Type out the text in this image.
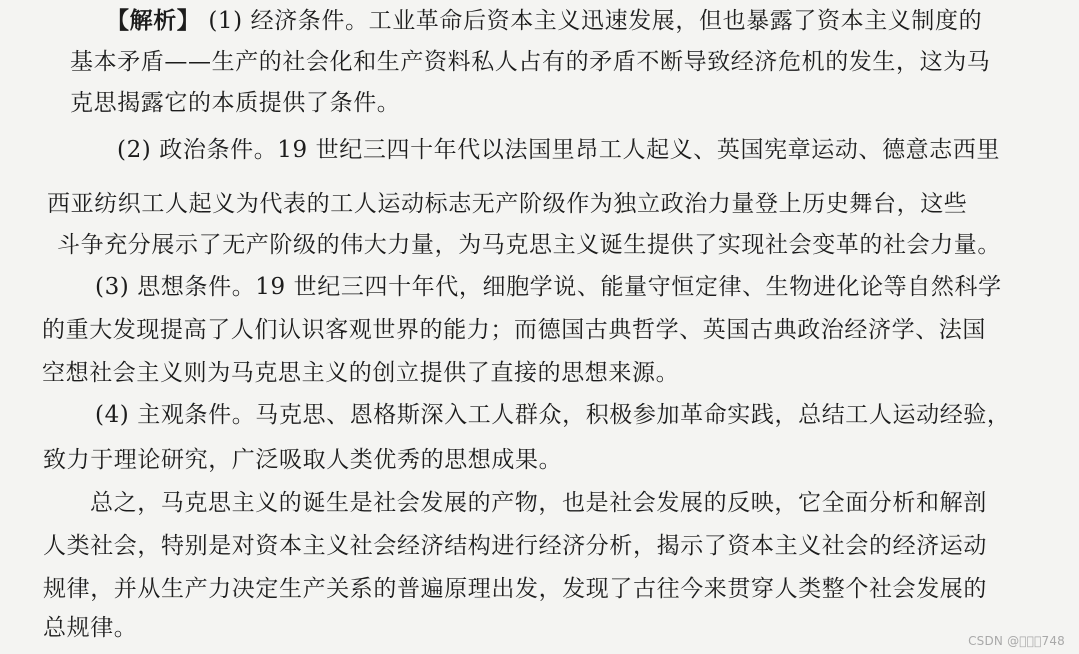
【解析】 (1) 经济条件。工业革命后资本主义迅速发展，但也暴露了资本主义制度的
基本矛盾——生产的社会化和生产资料私人占有的矛盾不断导致经济危机的发生，这为马
克思揭露它的本质提供了条件。
(2) 政治条件。19 世纪三四十年代以法国里昂工人起义、英国宪章运动、德意志西里
西亚纺织工人起义为代表的工人运动标志无产阶级作为独立政治力量登上历史舞台，这些
斗争充分展示了无产阶级的伟大力量，为马克思主义诞生提供了实现社会变革的社会力量。
(3) 思想条件。19 世纪三四十年代，细胞学说、能量守恒定律、生物进化论等自然科学
的重大发现提高了人们认识客观世界的能力；而德国古典哲学、英国古典政治经济学、法国
空想社会主义则为马克思主义的创立提供了直接的思想来源。
(4) 主观条件。马克思、恩格斯深入工人群众，积极参加革命实践，总结工人运动经验，
致力于理论研究，广泛吸取人类优秀的思想成果。
总之，马克思主义的诞生是社会发展的产物，也是社会发展的反映，它全面分析和解剖
人类社会，特别是对资本主义社会经济结构进行经济分析，揭示了资本主义社会的经济运动
规律，并从生产力决定生产关系的普遍原理出发，发现了古往今来贯穿人类整个社会发展的
总规律。	CSDN @   748
